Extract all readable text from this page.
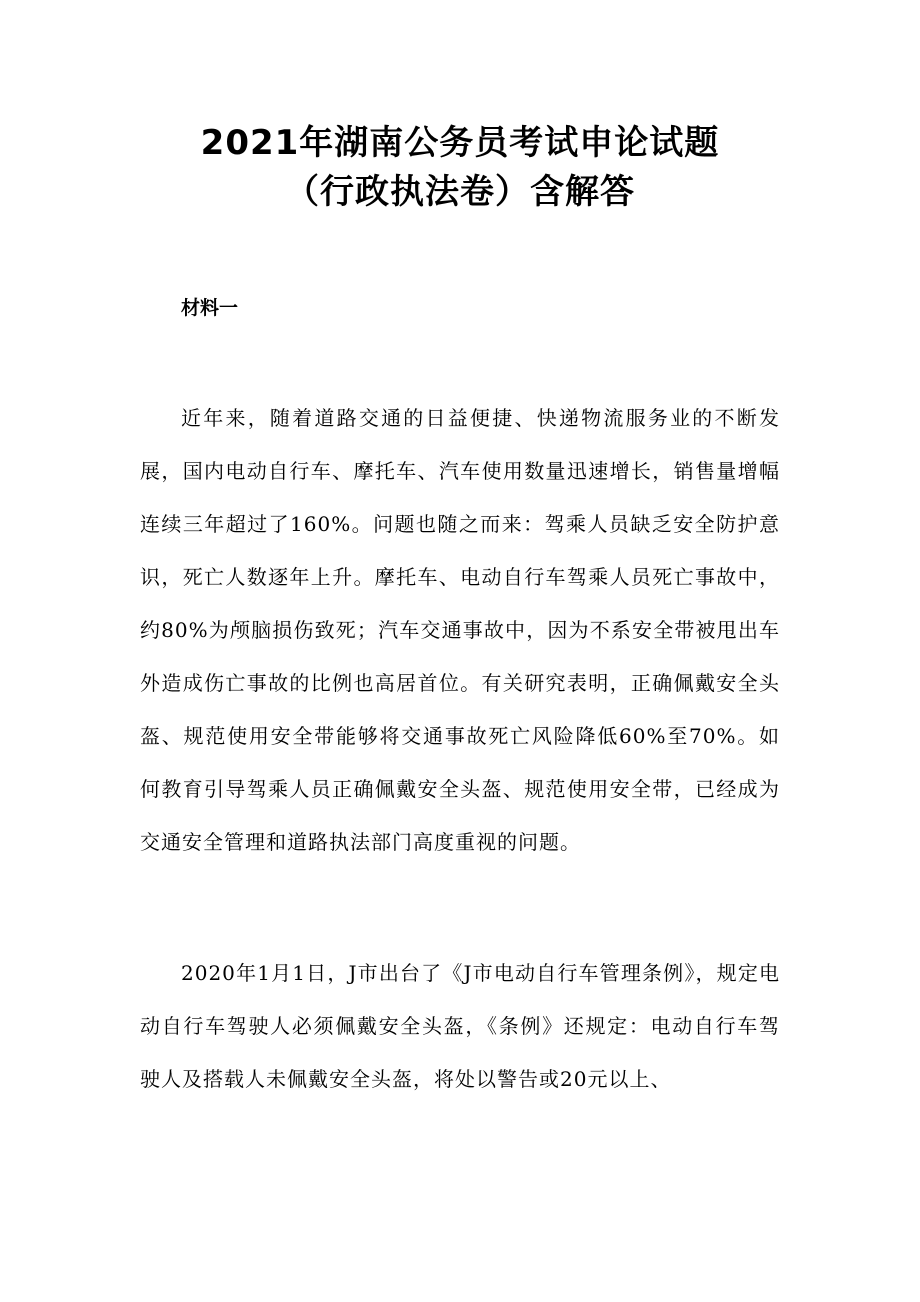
2021年湖南公务员考试申论试题
（行政执法卷）含解答
材料一

近年来，随着道路交通的日益便捷、快递物流服务业的不断发展，国内电动自行车、摩托车、汽车使用数量迅速增长，销售量增幅连续三年超过了160%。问题也随之而来：驾乘人员缺乏安全防护意识，死亡人数逐年上升。摩托车、电动自行车驾乘人员死亡事故中，约80%为颅脑损伤致死；汽车交通事故中，因为不系安全带被甩出车外造成伤亡事故的比例也高居首位。有关研究表明，正确佩戴安全头盔、规范使用安全带能够将交通事故死亡风险降低60%至70%。如何教育引导驾乘人员正确佩戴安全头盔、规范使用安全带，已经成为交通安全管理和道路执法部门高度重视的问题。

2020年1月1日，J市出台了《J市电动自行车管理条例》，规定电动自行车驾驶人必须佩戴安全头盔，《条例》还规定：电动自行车驾驶人及搭载人未佩戴安全头盔，将处以警告或20元以上、
